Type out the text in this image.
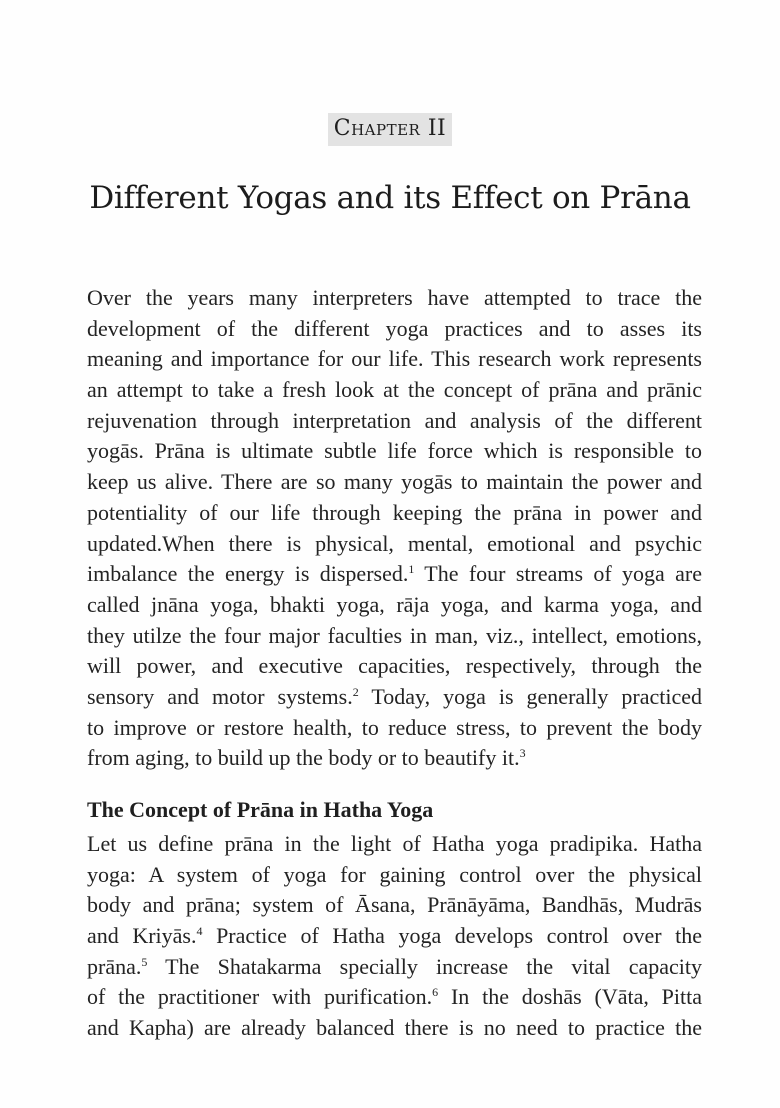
Chapter II
Different Yogas and its Effect on Prāna
Over the years many interpreters have attempted to trace the
development of the different yoga practices and to asses its
meaning and importance for our life. This research work represents
an attempt to take a fresh look at the concept of prāna and prānic
rejuvenation through interpretation and analysis of the different
yogās. Prāna is ultimate subtle life force which is responsible to
keep us alive. There are so many yogās to maintain the power and
potentiality of our life through keeping the prāna in power and
updated.When there is physical, mental, emotional and psychic
imbalance the energy is dispersed.$^1$ The four streams of yoga are
called jnāna yoga, bhakti yoga, rāja yoga, and karma yoga, and
they utilze the four major faculties in man, viz., intellect, emotions,
will power, and executive capacities, respectively, through the
sensory and motor systems.$^2$ Today, yoga is generally practiced
to improve or restore health, to reduce stress, to prevent the body
from aging, to build up the body or to beautify it.$^3$
The Concept of Prāna in Hatha Yoga
Let us define prāna in the light of Hatha yoga pradipika. Hatha
yoga: A system of yoga for gaining control over the physical
body and prāna; system of Āsana, Prānāyāma, Bandhās, Mudrās
and Kriyās.$^4$ Practice of Hatha yoga develops control over the
prāna.$^5$ The Shatakarma specially increase the vital capacity
of the practitioner with purification.$^6$ In the doshās (Vāta, Pitta
and Kapha) are already balanced there is no need to practice the
